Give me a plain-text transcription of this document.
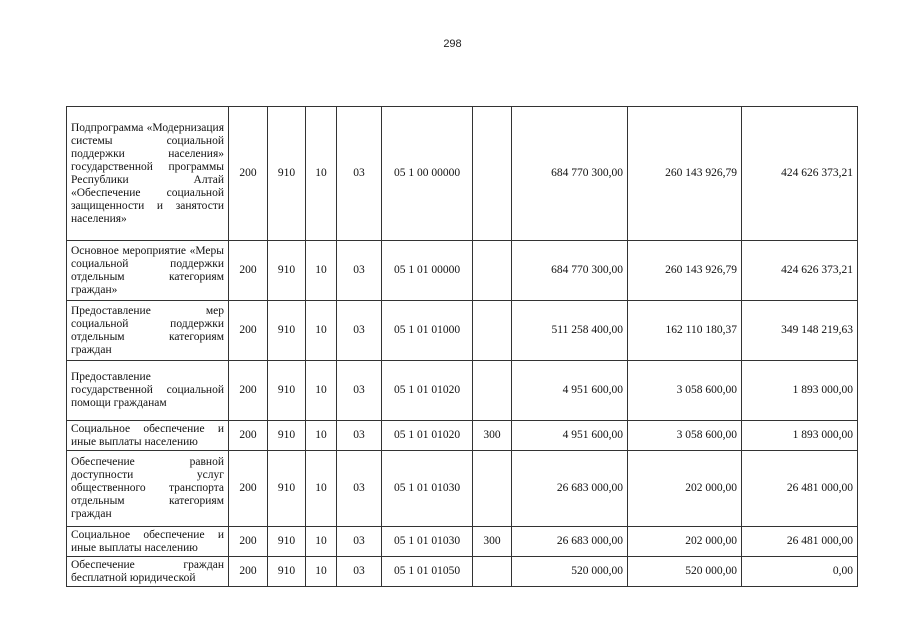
298
Подпрограмма «Модернизация системы социальной поддержки населения» государственной программы Республики Алтай «Обеспечение социальной защищенности и занятости населения»	200	910	10	03	05 1 00 00000		684 770 300,00	260 143 926,79	424 626 373,21
Основное мероприятие «Меры социальной поддержки отдельным категориям граждан»	200	910	10	03	05 1 01 00000		684 770 300,00	260 143 926,79	424 626 373,21
Предоставление мер социальной поддержки отдельным категориям граждан	200	910	10	03	05 1 01 01000		511 258 400,00	162 110 180,37	349 148 219,63
Предоставление государственной социальной помощи гражданам	200	910	10	03	05 1 01 01020		4 951 600,00	3 058 600,00	1 893 000,00
Социальное обеспечение и иные выплаты населению	200	910	10	03	05 1 01 01020	300	4 951 600,00	3 058 600,00	1 893 000,00
Обеспечение равной доступности услуг общественного транспорта отдельным категориям граждан	200	910	10	03	05 1 01 01030		26 683 000,00	202 000,00	26 481 000,00
Социальное обеспечение и иные выплаты населению	200	910	10	03	05 1 01 01030	300	26 683 000,00	202 000,00	26 481 000,00
Обеспечение граждан бесплатной юридической	200	910	10	03	05 1 01 01050		520 000,00	520 000,00	0,00
